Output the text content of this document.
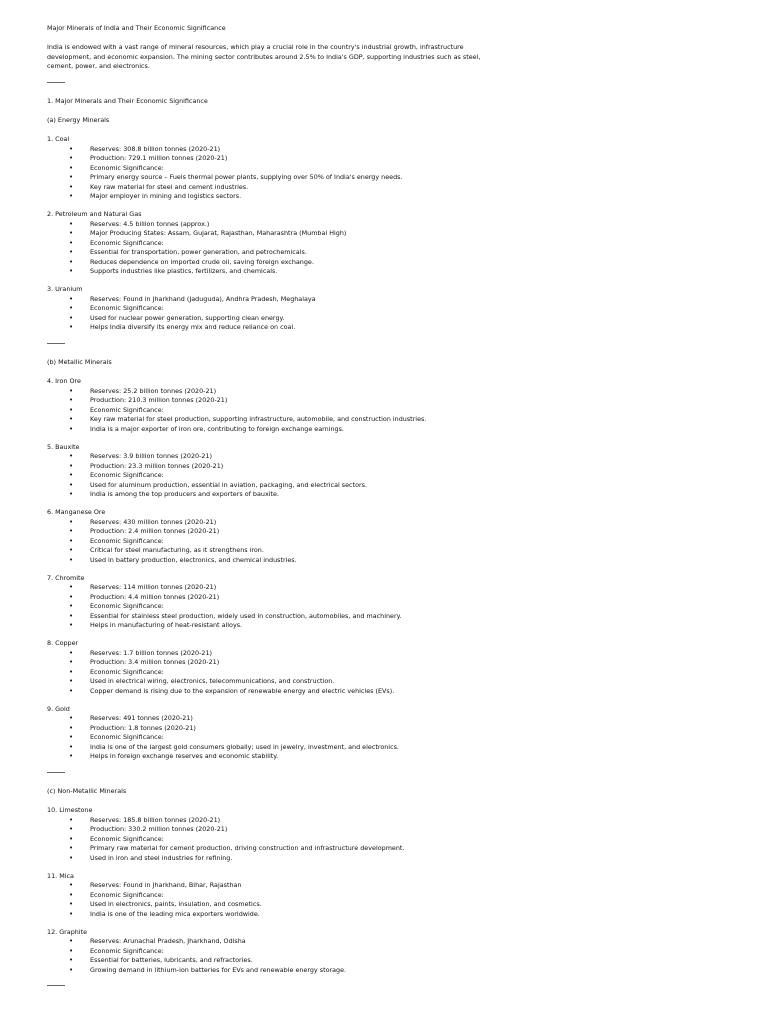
Major Minerals of India and Their Economic Significance

India is endowed with a vast range of mineral resources, which play a crucial role in the country's industrial growth, infrastructure development, and economic expansion. The mining sector contributes around 2.5% to India's GDP, supporting industries such as steel, cement, power, and electronics.

1. Major Minerals and Their Economic Significance

(a) Energy Minerals

1. Coal

•	Reserves: 308.8 billion tonnes (2020-21)
•	Production: 729.1 million tonnes (2020-21)
•	Economic Significance:
•	Primary energy source – Fuels thermal power plants, supplying over 50% of India's energy needs.
•	Key raw material for steel and cement industries.
•	Major employer in mining and logistics sectors.

2. Petroleum and Natural Gas

•	Reserves: 4.5 billion tonnes (approx.)
•	Major Producing States: Assam, Gujarat, Rajasthan, Maharashtra (Mumbai High)
•	Economic Significance:
•	Essential for transportation, power generation, and petrochemicals.
•	Reduces dependence on imported crude oil, saving foreign exchange.
•	Supports industries like plastics, fertilizers, and chemicals.

3. Uranium

•	Reserves: Found in Jharkhand (Jaduguda), Andhra Pradesh, Meghalaya
•	Economic Significance:
•	Used for nuclear power generation, supporting clean energy.
•	Helps India diversify its energy mix and reduce reliance on coal.

(b) Metallic Minerals

4. Iron Ore

•	Reserves: 25.2 billion tonnes (2020-21)
•	Production: 210.3 million tonnes (2020-21)
•	Economic Significance:
•	Key raw material for steel production, supporting infrastructure, automobile, and construction industries.
•	India is a major exporter of iron ore, contributing to foreign exchange earnings.

5. Bauxite

•	Reserves: 3.9 billion tonnes (2020-21)
•	Production: 23.3 million tonnes (2020-21)
•	Economic Significance:
•	Used for aluminum production, essential in aviation, packaging, and electrical sectors.
•	India is among the top producers and exporters of bauxite.

6. Manganese Ore

•	Reserves: 430 million tonnes (2020-21)
•	Production: 2.4 million tonnes (2020-21)
•	Economic Significance:
•	Critical for steel manufacturing, as it strengthens iron.
•	Used in battery production, electronics, and chemical industries.

7. Chromite

•	Reserves: 114 million tonnes (2020-21)
•	Production: 4.4 million tonnes (2020-21)
•	Economic Significance:
•	Essential for stainless steel production, widely used in construction, automobiles, and machinery.
•	Helps in manufacturing of heat-resistant alloys.

8. Copper

•	Reserves: 1.7 billion tonnes (2020-21)
•	Production: 3.4 million tonnes (2020-21)
•	Economic Significance:
•	Used in electrical wiring, electronics, telecommunications, and construction.
•	Copper demand is rising due to the expansion of renewable energy and electric vehicles (EVs).

9. Gold

•	Reserves: 491 tonnes (2020-21)
•	Production: 1.8 tonnes (2020-21)
•	Economic Significance:
•	India is one of the largest gold consumers globally; used in jewelry, investment, and electronics.
•	Helps in foreign exchange reserves and economic stability.

(c) Non-Metallic Minerals

10. Limestone

•	Reserves: 185.8 billion tonnes (2020-21)
•	Production: 330.2 million tonnes (2020-21)
•	Economic Significance:
•	Primary raw material for cement production, driving construction and infrastructure development.
•	Used in iron and steel industries for refining.

11. Mica

•	Reserves: Found in Jharkhand, Bihar, Rajasthan
•	Economic Significance:
•	Used in electronics, paints, insulation, and cosmetics.
•	India is one of the leading mica exporters worldwide.

12. Graphite

•	Reserves: Arunachal Pradesh, Jharkhand, Odisha
•	Economic Significance:
•	Essential for batteries, lubricants, and refractories.
•	Growing demand in lithium-ion batteries for EVs and renewable energy storage.
